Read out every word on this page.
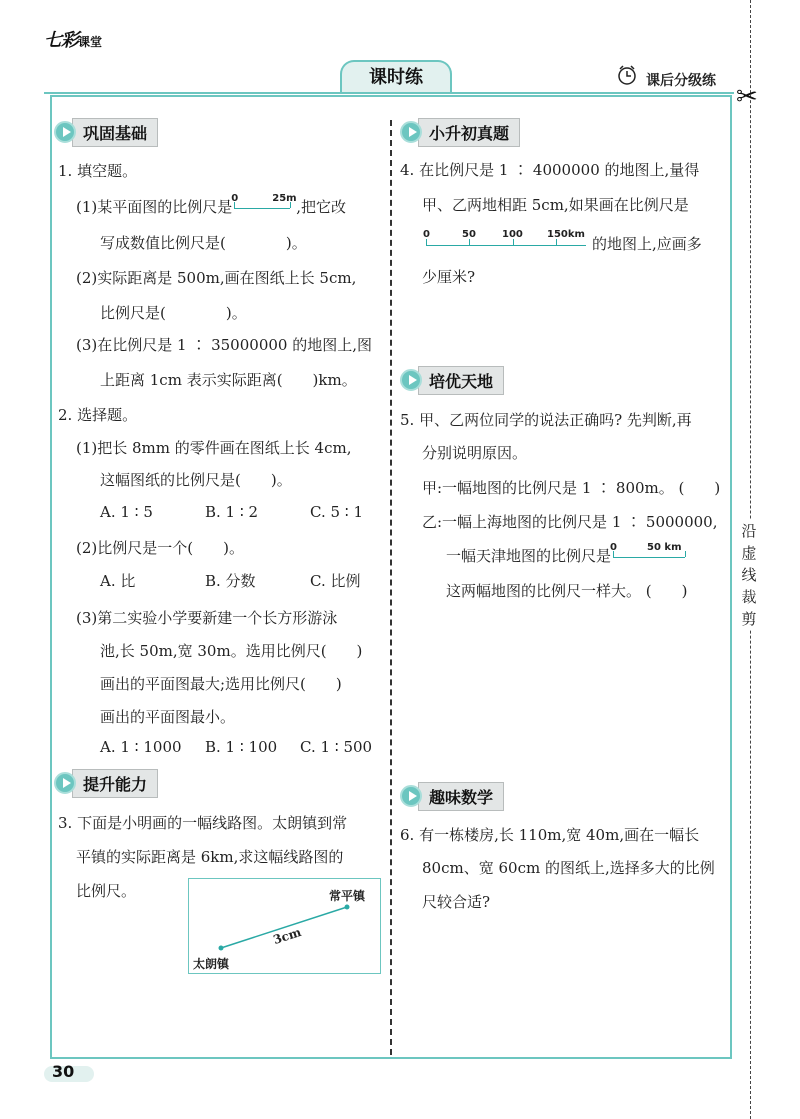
七彩课堂
课时练	课后分级练
✂
沿
虚
线
裁
剪
巩固基础
1. 填空题。
(1)某平面图的比例尺是 0	25m ,把它改
写成数值比例尺是(　　　　)。
(2)实际距离是 500m,画在图纸上长 5cm,
比例尺是(　　　　)。
(3)在比例尺是 1 ∶ 35000000 的地图上,图
上距离 1cm 表示实际距离(　　)km。
2. 选择题。
(1)把长 8mm 的零件画在图纸上长 4cm,
这幅图纸的比例尺是(　　)。
A. 1 ∶ 5	B. 1 ∶ 2	C. 5 ∶ 1
(2)比例尺是一个(　　)。
A. 比	B. 分数	C. 比例
(3)第二实验小学要新建一个长方形游泳
池,长 50m,宽 30m。选用比例尺(　　)
画出的平面图最大;选用比例尺(　　)
画出的平面图最小。
A. 1 ∶ 1000 B. 1 ∶ 100 C. 1 ∶ 500
提升能力
3. 下面是小明画的一幅线路图。太朗镇到常
平镇的实际距离是 6km,求这幅线路图的
比例尺。	常平镇
太朗镇
3cm
小升初真题
4. 在比例尺是 1 ∶ 4000000 的地图上,量得
甲、乙两地相距 5cm,如果画在比例尺是
0	50	100 150km
的地图上,应画多
少厘米?
培优天地
5. 甲、乙两位同学的说法正确吗? 先判断,再
分别说明原因。
甲:一幅地图的比例尺是 1 ∶ 800m。 (　　)
乙:一幅上海地图的比例尺是 1 ∶ 5000000,
一幅天津地图的比例尺是 0	50 km
这两幅地图的比例尺一样大。 (　　)
趣味数学
6. 有一栋楼房,长 110m,宽 40m,画在一幅长
80cm、宽 60cm 的图纸上,选择多大的比例
尺较合适?
30
